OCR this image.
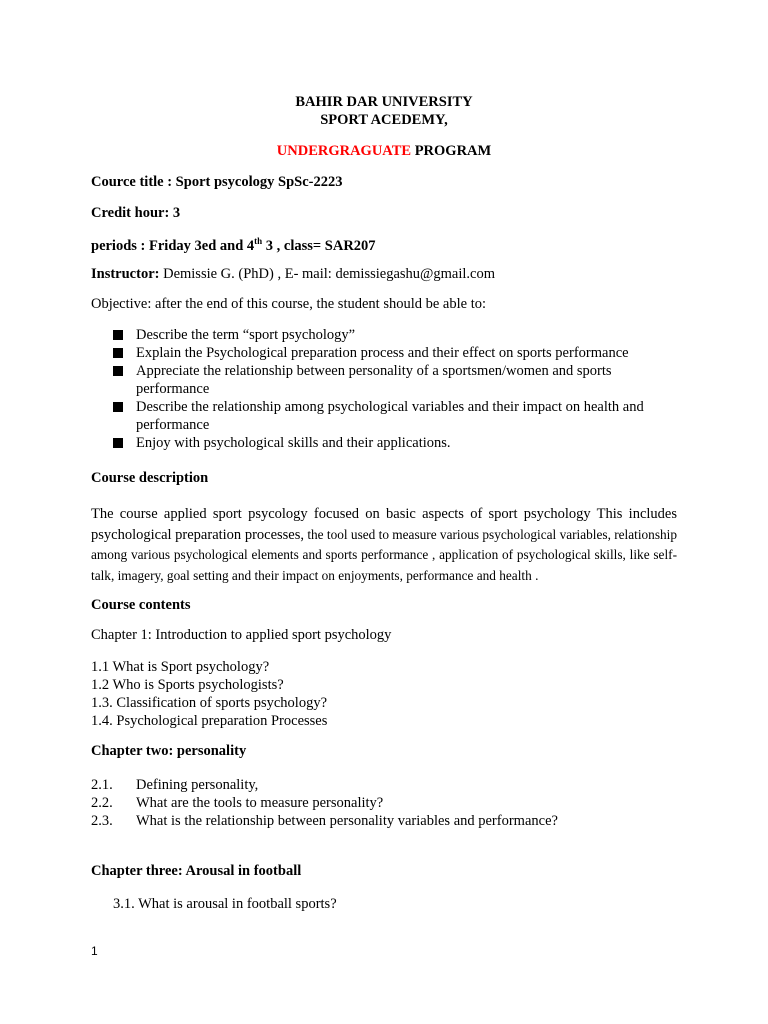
BAHIR DAR UNIVERSITY
SPORT ACEDEMY,
UNDERGRAGUATE PROGRAM
Cource title : Sport psycology SpSc-2223
Credit hour: 3
periods : Friday 3ed and 4th 3 , class= SAR207
Instructor: Demissie G. (PhD) , E- mail: demissiegashu@gmail.com
Objective: after the end of this course, the student should be able to:
Describe the term “sport psychology”
Explain the Psychological preparation process and their effect on sports performance
Appreciate the relationship between personality of a sportsmen/women and sports performance
Describe the relationship among psychological variables and their impact on health and performance
Enjoy with psychological skills and their applications.
Course description
The course applied sport psycology focused on basic aspects of sport psychology This includes psychological preparation processes, the tool used to measure various psychological variables, relationship among various psychological elements and sports performance , application of psychological skills, like self-talk, imagery, goal setting and their impact on enjoyments, performance and health .
Course contents
Chapter 1: Introduction to applied sport psychology
1.1 What is Sport psychology?
1.2 Who is Sports psychologists?
1.3. Classification of sports psychology?
1.4. Psychological preparation Processes
Chapter two: personality
2.1. Defining personality,
2.2. What are the tools to measure personality?
2.3. What is the relationship between personality variables and performance?
Chapter three: Arousal in football
3.1. What is arousal in football sports?
1
